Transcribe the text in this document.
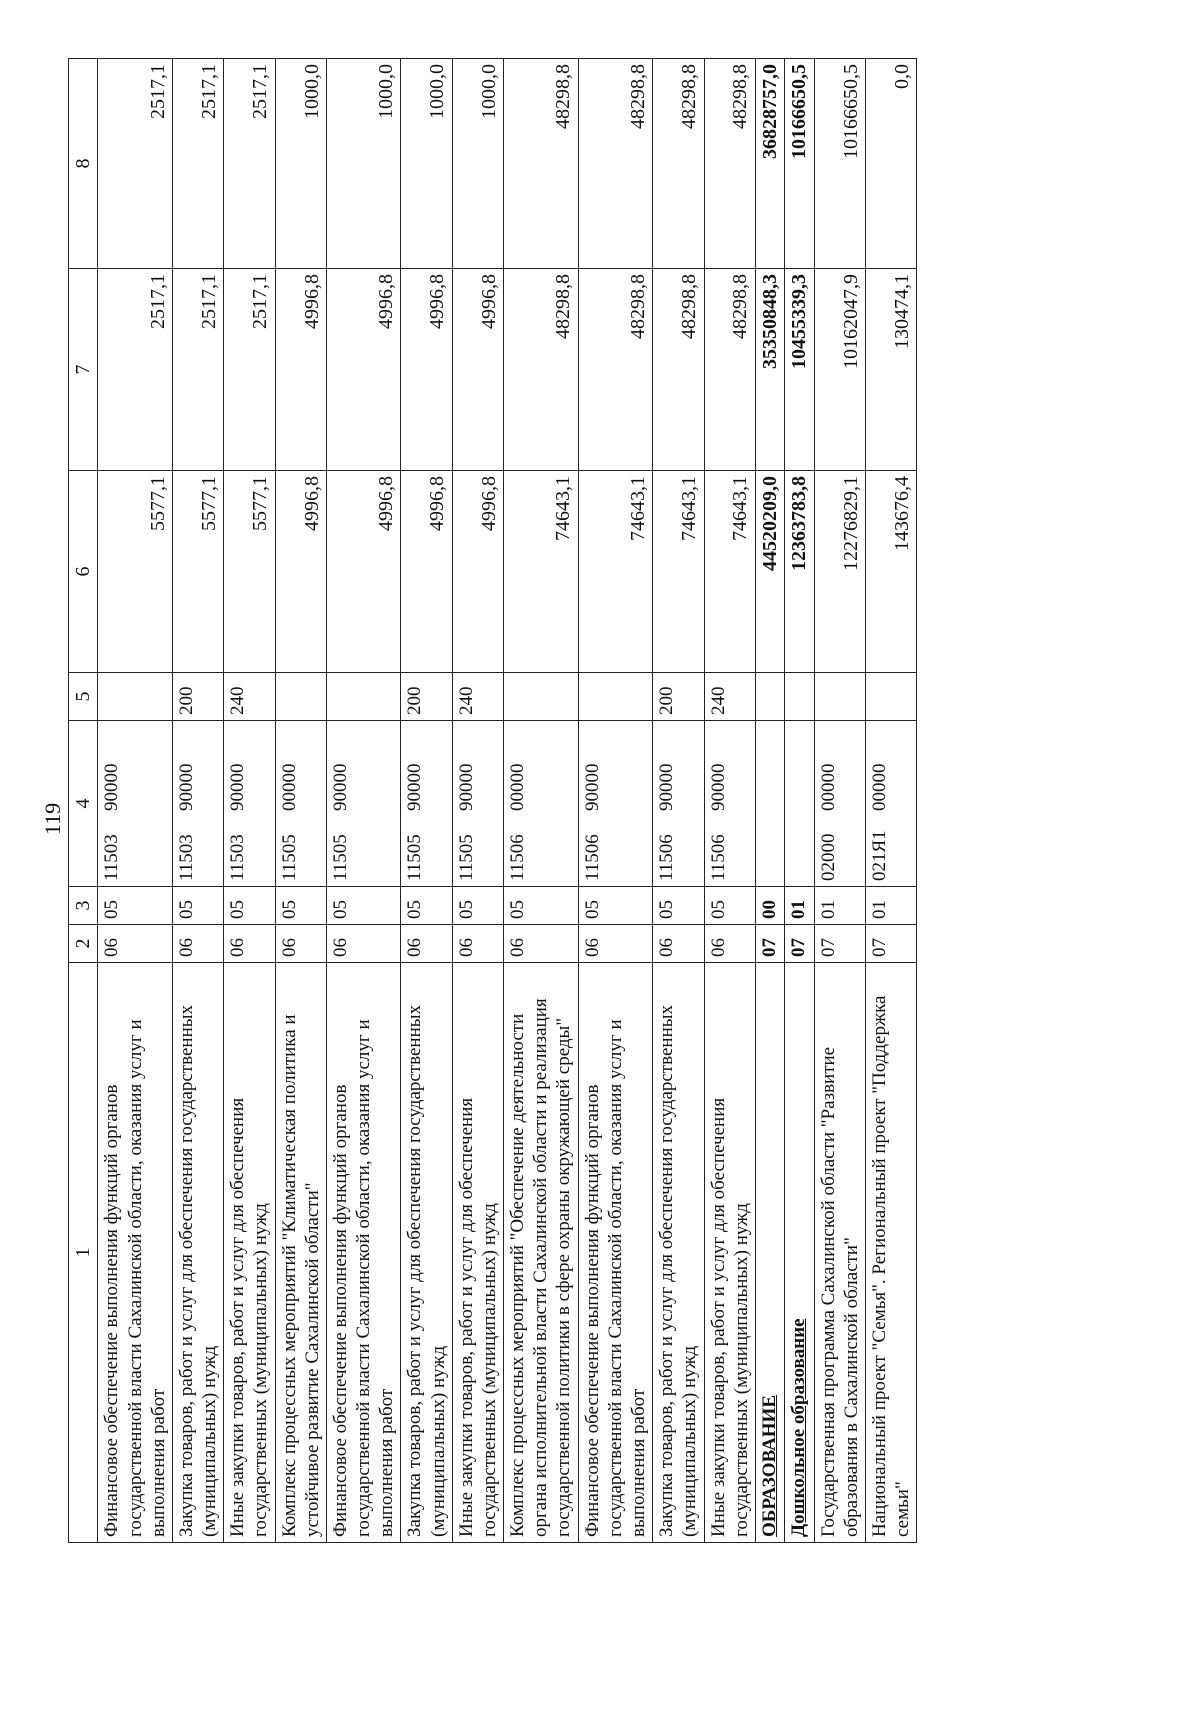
119
1	2	3	4	5	6	7	8
Финансовое обеспечение выполнения функций органов государственной власти Сахалинской области, оказания услуг и выполнения работ	06	05	1150390000		5577,1	2517,1	2517,1
Закупка товаров, работ и услуг для обеспечения государственных (муниципальных) нужд	06	05	1150390000	200	5577,1	2517,1	2517,1
Иные закупки товаров, работ и услуг для обеспечения государственных (муниципальных) нужд	06	05	1150390000	240	5577,1	2517,1	2517,1
Комплекс процессных мероприятий "Климатическая политика и устойчивое развитие Сахалинской области"	06	05	1150500000		4996,8	4996,8	1000,0
Финансовое обеспечение выполнения функций органов государственной власти Сахалинской области, оказания услуг и выполнения работ	06	05	1150590000		4996,8	4996,8	1000,0
Закупка товаров, работ и услуг для обеспечения государственных (муниципальных) нужд	06	05	1150590000	200	4996,8	4996,8	1000,0
Иные закупки товаров, работ и услуг для обеспечения государственных (муниципальных) нужд	06	05	1150590000	240	4996,8	4996,8	1000,0
Комплекс процессных мероприятий "Обеспечение деятельности органа исполнительной власти Сахалинской области и реализация государственной политики в сфере охраны окружающей среды"	06	05	1150600000		74643,1	48298,8	48298,8
Финансовое обеспечение выполнения функций органов государственной власти Сахалинской области, оказания услуг и выполнения работ	06	05	1150690000		74643,1	48298,8	48298,8
Закупка товаров, работ и услуг для обеспечения государственных (муниципальных) нужд	06	05	1150690000	200	74643,1	48298,8	48298,8
Иные закупки товаров, работ и услуг для обеспечения государственных (муниципальных) нужд	06	05	1150690000	240	74643,1	48298,8	48298,8
ОБРАЗОВАНИЕ	07	00			44520209,0	35350848,3	36828757,0
Дошкольное образование	07	01			12363783,8	10455339,3	10166650,5
Государственная программа Сахалинской области "Развитие образования в Сахалинской области"	07	01	0200000000		12276829,1	10162047,9	10166650,5
Национальный проект "Семья". Региональный проект "Поддержка семьи"	07	01	021Я100000		143676,4	130474,1	0,0
